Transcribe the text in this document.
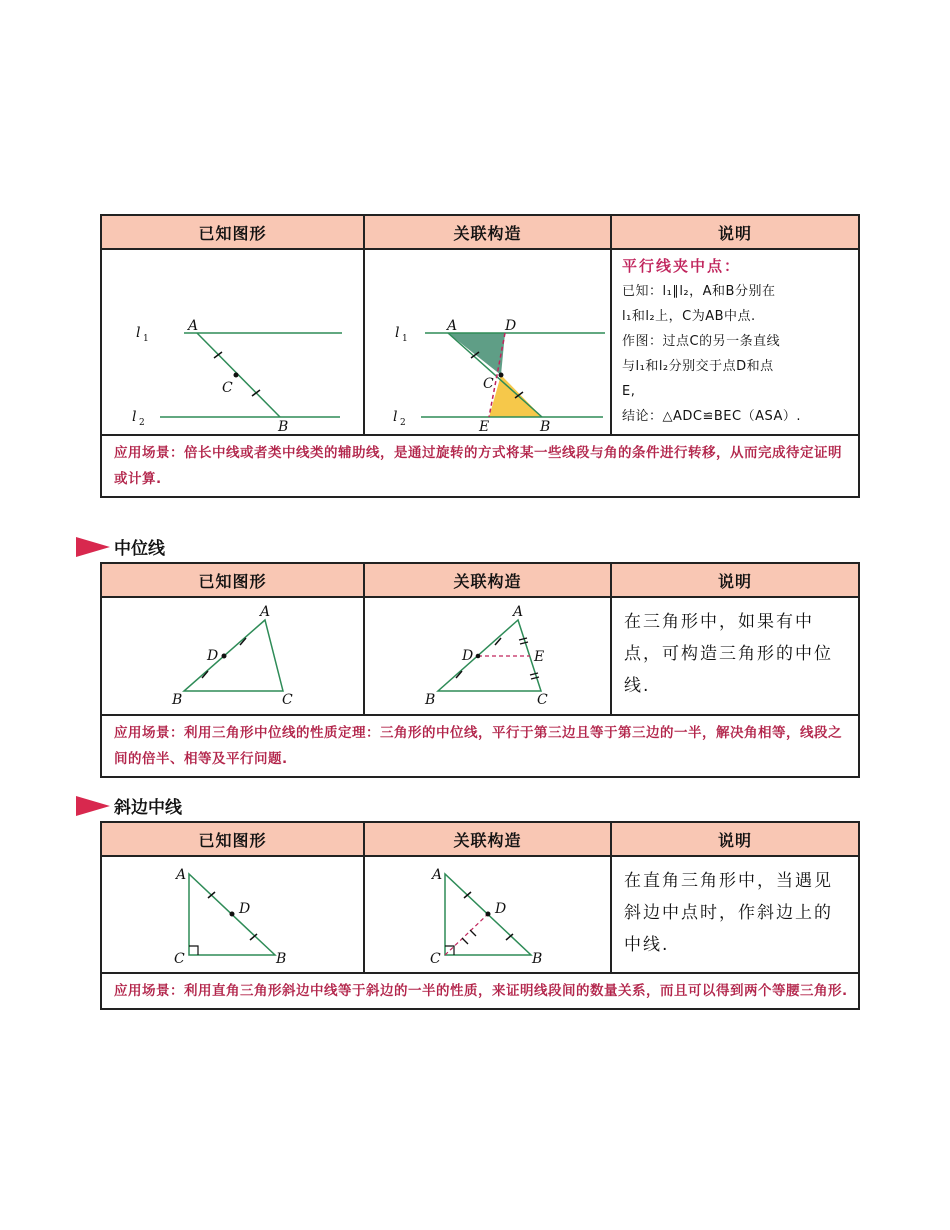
已知图形	关联构造	说明
l 1
l 2
A
C
B
l 1
l 2
A	D
C
E	B
平行线夹中点：
已知：l₁∥l₂，A和B分别在
l₁和l₂上，C为AB中点.
作图：过点C的另一条直线
与l₁和l₂分别交于点D和点
E,
结论：△ADC≌BEC（ASA）.
应用场景：倍长中线或者类中线类的辅助线，是通过旋转的方式将某一些线段与角的条件进行转移，从而完成待定证明或计算.
中位线
已知图形	关联构造	说明
A
D
B	C
A
D	E
B	C
在三角形中，如果有中点，可构造三角形的中位线.
应用场景：利用三角形中位线的性质定理：三角形的中位线，平行于第三边且等于第三边的一半，解决角相等，线段之间的倍半、相等及平行问题.
斜边中线
已知图形	关联构造	说明
A
D
C	B
A
D
C	B
在直角三角形中，当遇见斜边中点时，作斜边上的中线.
应用场景：利用直角三角形斜边中线等于斜边的一半的性质，来证明线段间的数量关系，而且可以得到两个等腰三角形.
